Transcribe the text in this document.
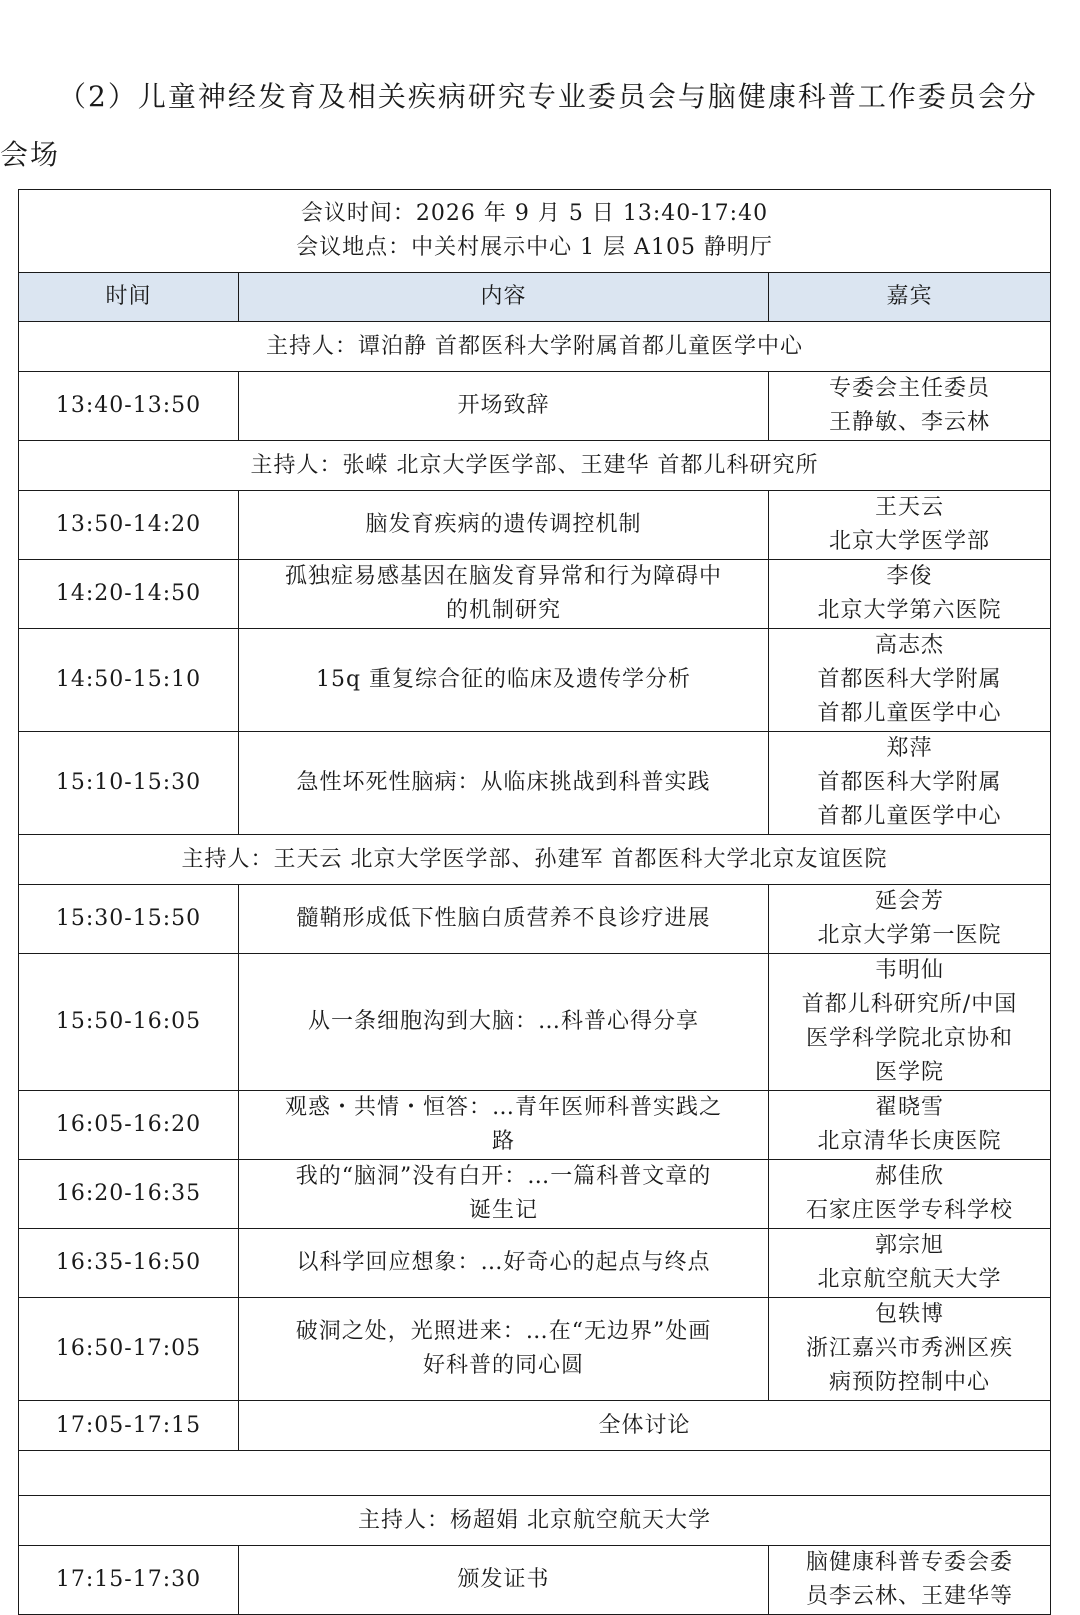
（2）儿童神经发育及相关疾病研究专业委员会与脑健康科普工作委员会分会场

会议时间：2026 年 9 月 5 日 13:40-17:40
会议地点：中关村展示中心 1 层 A105 静明厅		

时间	内容	嘉宾
主持人：谭泊静 首都医科大学附属首都儿童医学中心		
13:40-13:50	开场致辞	专委会主任委员
王静敏、李云林

主持人：张嵘 北京大学医学部、王建华 首都儿科研究所		
13:50-14:20	脑发育疾病的遗传调控机制	王天云
北京大学医学部

14:20-14:50	孤独症易感基因在脑发育异常和行为障碍中
的机制研究	李俊
北京大学第六医院

14:50-15:10	15q 重复综合征的临床及遗传学分析	高志杰
首都医科大学附属
首都儿童医学中心

15:10-15:30	急性坏死性脑病：从临床挑战到科普实践	郑萍
首都医科大学附属
首都儿童医学中心

主持人：王天云 北京大学医学部、孙建军 首都医科大学北京友谊医院		
15:30-15:50	髓鞘形成低下性脑白质营养不良诊疗进展	延会芳
北京大学第一医院

15:50-16:05	从一条细胞沟到大脑：…科普心得分享	韦明仙
首都儿科研究所/中国
医学科学院北京协和
医学院

16:05-16:20	观惑・共情・恒答：…青年医师科普实践之
路	翟晓雪
北京清华长庚医院

16:20-16:35	我的“脑洞”没有白开：…一篇科普文章的
诞生记	郝佳欣
石家庄医学专科学校

16:35-16:50	以科学回应想象：…好奇心的起点与终点	郭宗旭
北京航空航天大学

16:50-17:05	破洞之处，光照进来：…在“无边界”处画
好科普的同心圆	包轶博
浙江嘉兴市秀洲区疾
病预防控制中心

17:05-17:15	全体讨论	

主持人：杨超娟 北京航空航天大学		
17:15-17:30	颁发证书	脑健康科普专委会委
员李云林、王建华等
